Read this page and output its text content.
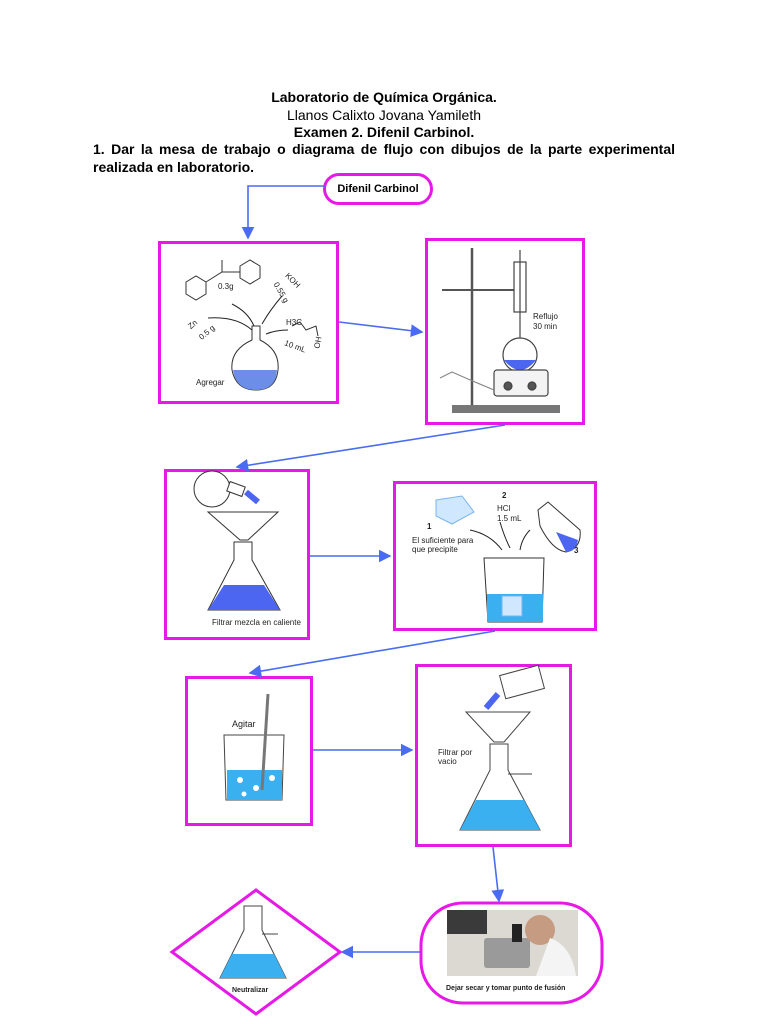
Laboratorio de Química Orgánica.
Llanos Calixto Jovana Yamileth
Examen 2. Difenil Carbinol.
1. Dar la mesa de trabajo o diagrama de flujo con dibujos de la parte experimental realizada en laboratorio.
Difenil Carbinol
0.3g	KOH
0.55 g
Zn
0.5 g
H3C
OH
10 mL
Agregar
Reflujo
30 min
Filtrar mezcla en caliente
1
2
3
HCl
1.5 mL
El suficiente para que precipite
Agitar
Filtrar por vacio
Dejar secar y tomar punto de fusión
Neutralizar
